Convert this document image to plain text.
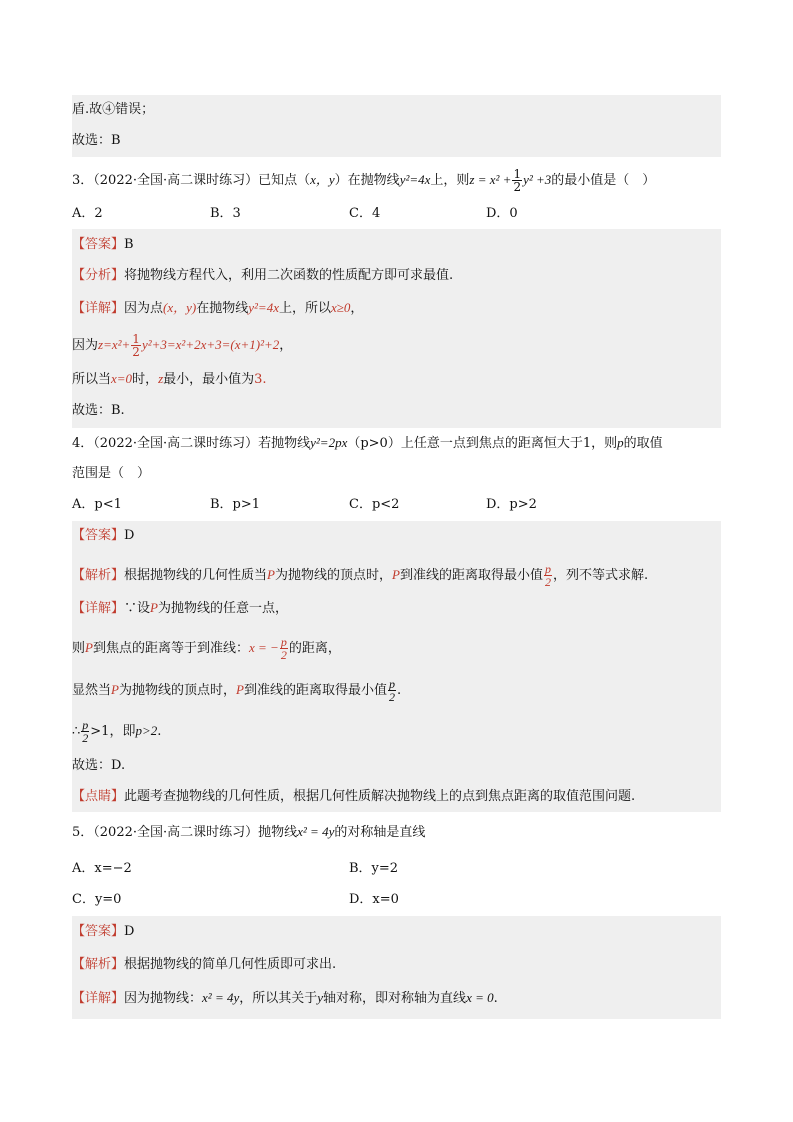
盾.故④错误；
故选：B
3．（2022·全国·高二课时练习）已知点（x，y）在抛物线y²=4x上，则$z = x^2 + \frac{1}{2} y^2 +3$的最小值是（　）
A．2	B．3	C．4	D．0
【答案】B
【分析】将抛物线方程代入，利用二次函数的性质配方即可求最值.
【详解】因为点(x，y)在抛物线y²=4x上，所以x≥0，
因为$z=x^2+ \frac{1}{2} y^2+3=x^2+2x+3=(x+1)^2+2$，
所以当x=0时，z最小，最小值为3.
故选：B.
4．（2022·全国·高二课时练习）若抛物线y²=2px（p>0）上任意一点到焦点的距离恒大于1，则p的取值
范围是（　）
A．p<1	B．p>1	C．p<2	D．p>2
【答案】D
【解析】根据抛物线的几何性质当P为抛物线的顶点时，P到准线的距离取得最小值 $\frac{p}{2}$ ，列不等式求解.
【详解】∵设P为抛物线的任意一点，
则P到焦点的距离等于到准线：x = − $\frac{p}{2}$ 的距离，
显然当P为抛物线的顶点时，P到准线的距离取得最小值 $\frac{p}{2}$ .
∴ $\frac{p}{2} >1$，即p>2.
故选：D.
【点睛】此题考查抛物线的几何性质，根据几何性质解决抛物线上的点到焦点距离的取值范围问题.
5．（2022·全国·高二课时练习）抛物线x² = 4y的对称轴是直线
A．x=−2	B．y=2
C．y=0	D．x=0
【答案】D
【解析】根据抛物线的简单几何性质即可求出.
【详解】因为抛物线：x² = 4y，所以其关于y轴对称，即对称轴为直线x = 0.
